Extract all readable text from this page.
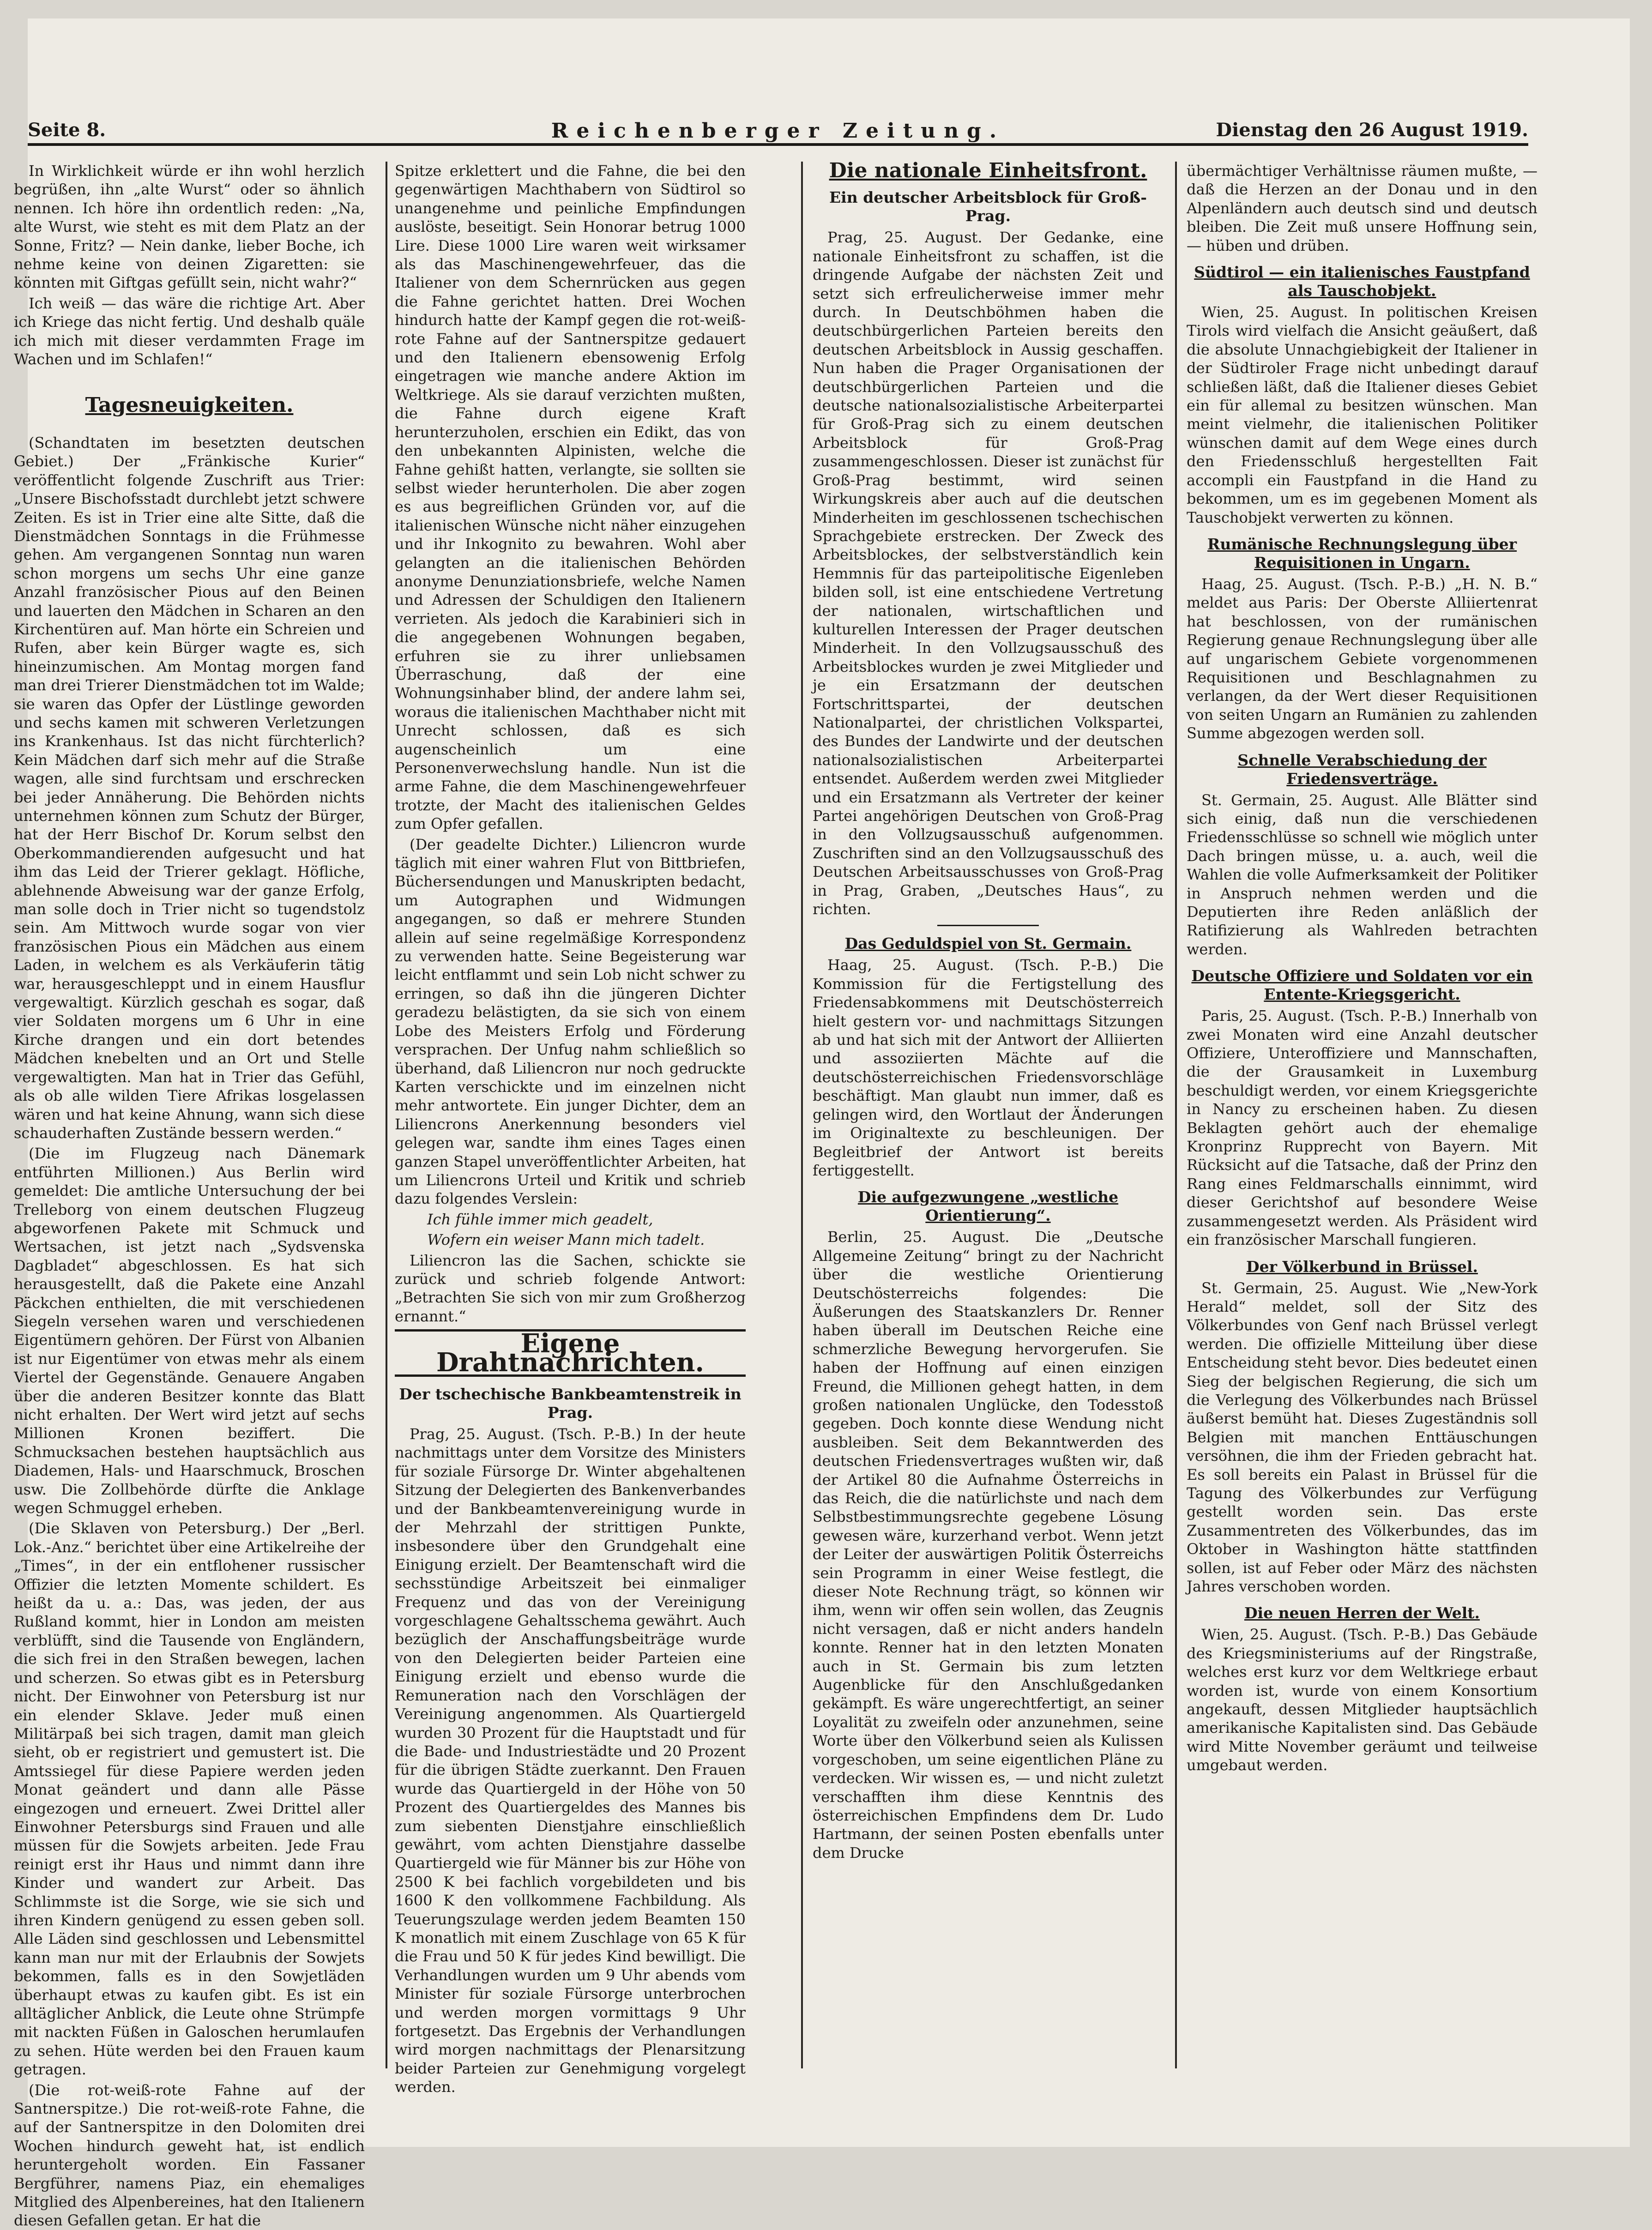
Seite 8.	Reichenberger Zeitung.	Dienstag den 26 August 1919.

In Wirklichkeit würde er ihn wohl herzlich begrüßen, ihn „alte Wurst“ oder so ähnlich nennen. Ich höre ihn ordentlich reden: „Na, alte Wurst, wie steht es mit dem Platz an der Sonne, Fritz? — Nein danke, lieber Boche, ich nehme keine von deinen Zigaretten: sie könnten mit Giftgas gefüllt sein, nicht wahr?“

Ich weiß — das wäre die richtige Art. Aber ich Kriege das nicht fertig. Und deshalb quäle ich mich mit dieser verdammten Frage im Wachen und im Schlafen!“

Tagesneuigkeiten.

(Schandtaten im besetzten deutschen Gebiet.) Der „Fränkische Kurier“ veröffentlicht folgende Zuschrift aus Trier: „Unsere Bischofsstadt durchlebt jetzt schwere Zeiten. Es ist in Trier eine alte Sitte, daß die Dienstmädchen Sonntags in die Frühmesse gehen. Am vergangenen Sonntag nun waren schon morgens um sechs Uhr eine ganze Anzahl französischer Pious auf den Beinen und lauerten den Mädchen in Scharen an den Kirchentüren auf. Man hörte ein Schreien und Rufen, aber kein Bürger wagte es, sich hineinzumischen. Am Montag morgen fand man drei Trierer Dienstmädchen tot im Walde; sie waren das Opfer der Lüstlinge geworden und sechs kamen mit schweren Verletzungen ins Krankenhaus. Ist das nicht fürchterlich? Kein Mädchen darf sich mehr auf die Straße wagen, alle sind furchtsam und erschrecken bei jeder Annäherung. Die Behörden nichts unternehmen können zum Schutz der Bürger, hat der Herr Bischof Dr. Korum selbst den Oberkommandierenden aufgesucht und hat ihm das Leid der Trierer geklagt. Höfliche, ablehnende Abweisung war der ganze Erfolg, man solle doch in Trier nicht so tugendstolz sein. Am Mittwoch wurde sogar von vier französischen Pious ein Mädchen aus einem Laden, in welchem es als Verkäuferin tätig war, herausgeschleppt und in einem Hausflur vergewaltigt. Kürzlich geschah es sogar, daß vier Soldaten morgens um 6 Uhr in eine Kirche drangen und ein dort betendes Mädchen knebelten und an Ort und Stelle vergewaltigten. Man hat in Trier das Gefühl, als ob alle wilden Tiere Afrikas losgelassen wären und hat keine Ahnung, wann sich diese schauderhaften Zustände bessern werden.“

(Die im Flugzeug nach Dänemark entführten Millionen.) Aus Berlin wird gemeldet: Die amtliche Untersuchung der bei Trelleborg von einem deutschen Flugzeug abgeworfenen Pakete mit Schmuck und Wertsachen, ist jetzt nach „Sydsvenska Dagbladet“ abgeschlossen. Es hat sich herausgestellt, daß die Pakete eine Anzahl Päckchen enthielten, die mit verschiedenen Siegeln versehen waren und verschiedenen Eigentümern gehören. Der Fürst von Albanien ist nur Eigentümer von etwas mehr als einem Viertel der Gegenstände. Genauere Angaben über die anderen Besitzer konnte das Blatt nicht erhalten. Der Wert wird jetzt auf sechs Millionen Kronen beziffert. Die Schmucksachen bestehen hauptsächlich aus Diademen, Hals- und Haarschmuck, Broschen usw. Die Zollbehörde dürfte die Anklage wegen Schmuggel erheben.

(Die Sklaven von Petersburg.) Der „Berl. Lok.-Anz.“ berichtet über eine Artikelreihe der „Times“, in der ein entflohener russischer Offizier die letzten Momente schildert. Es heißt da u. a.: Das, was jeden, der aus Rußland kommt, hier in London am meisten verblüfft, sind die Tausende von Engländern, die sich frei in den Straßen bewegen, lachen und scherzen. So etwas gibt es in Petersburg nicht. Der Einwohner von Petersburg ist nur ein elender Sklave. Jeder muß einen Militärpaß bei sich tragen, damit man gleich sieht, ob er registriert und gemustert ist. Die Amtssiegel für diese Papiere werden jeden Monat geändert und dann alle Pässe eingezogen und erneuert. Zwei Drittel aller Einwohner Petersburgs sind Frauen und alle müssen für die Sowjets arbeiten. Jede Frau reinigt erst ihr Haus und nimmt dann ihre Kinder und wandert zur Arbeit. Das Schlimmste ist die Sorge, wie sie sich und ihren Kindern genügend zu essen geben soll. Alle Läden sind geschlossen und Lebensmittel kann man nur mit der Erlaubnis der Sowjets bekommen, falls es in den Sowjetläden überhaupt etwas zu kaufen gibt. Es ist ein alltäglicher Anblick, die Leute ohne Strümpfe mit nackten Füßen in Galoschen herumlaufen zu sehen. Hüte werden bei den Frauen kaum getragen.

(Die rot-weiß-rote Fahne auf der Santnerspitze.) Die rot-weiß-rote Fahne, die auf der Santnerspitze in den Dolomiten drei Wochen hindurch geweht hat, ist endlich heruntergeholt worden. Ein Fassaner Bergführer, namens Piaz, ein ehemaliges Mitglied des Alpenbereines, hat den Italienern diesen Gefallen getan. Er hat die

Spitze erklettert und die Fahne, die bei den gegenwärtigen Machthabern von Südtirol so unangenehme und peinliche Empfindungen auslöste, beseitigt. Sein Honorar betrug 1000 Lire. Diese 1000 Lire waren weit wirksamer als das Maschinengewehrfeuer, das die Italiener von dem Schernrücken aus gegen die Fahne gerichtet hatten. Drei Wochen hindurch hatte der Kampf gegen die rot-weiß-rote Fahne auf der Santnerspitze gedauert und den Italienern ebensowenig Erfolg eingetragen wie manche andere Aktion im Weltkriege. Als sie darauf verzichten mußten, die Fahne durch eigene Kraft herunterzuholen, erschien ein Edikt, das von den unbekannten Alpinisten, welche die Fahne gehißt hatten, verlangte, sie sollten sie selbst wieder herunterholen. Die aber zogen es aus begreiflichen Gründen vor, auf die italienischen Wünsche nicht näher einzugehen und ihr Inkognito zu bewahren. Wohl aber gelangten an die italienischen Behörden anonyme Denunziationsbriefe, welche Namen und Adressen der Schuldigen den Italienern verrieten. Als jedoch die Karabinieri sich in die angegebenen Wohnungen begaben, erfuhren sie zu ihrer unliebsamen Überraschung, daß der eine Wohnungsinhaber blind, der andere lahm sei, woraus die italienischen Machthaber nicht mit Unrecht schlossen, daß es sich augenscheinlich um eine Personenverwechslung handle. Nun ist die arme Fahne, die dem Maschinengewehrfeuer trotzte, der Macht des italienischen Geldes zum Opfer gefallen.

(Der geadelte Dichter.) Liliencron wurde täglich mit einer wahren Flut von Bittbriefen, Büchersendungen und Manuskripten bedacht, um Autographen und Widmungen angegangen, so daß er mehrere Stunden allein auf seine regelmäßige Korrespondenz zu verwenden hatte. Seine Begeisterung war leicht entflammt und sein Lob nicht schwer zu erringen, so daß ihn die jüngeren Dichter geradezu belästigten, da sie sich von einem Lobe des Meisters Erfolg und Förderung versprachen. Der Unfug nahm schließlich so überhand, daß Liliencron nur noch gedruckte Karten verschickte und im einzelnen nicht mehr antwortete. Ein junger Dichter, dem an Liliencrons Anerkennung besonders viel gelegen war, sandte ihm eines Tages einen ganzen Stapel unveröffentlichter Arbeiten, hat um Liliencrons Urteil und Kritik und schrieb dazu folgendes Verslein:

Ich fühle immer mich geadelt,

Wofern ein weiser Mann mich tadelt.

Liliencron las die Sachen, schickte sie zurück und schrieb folgende Antwort: „Betrachten Sie sich von mir zum Großherzog ernannt.“

Eigene Drahtnachrichten.
Der tschechische Bankbeamtenstreik in Prag.

Prag, 25. August. (Tsch. P.-B.) In der heute nachmittags unter dem Vorsitze des Ministers für soziale Fürsorge Dr. Winter abgehaltenen Sitzung der Delegierten des Bankenverbandes und der Bankbeamtenvereinigung wurde in der Mehrzahl der strittigen Punkte, insbesondere über den Grundgehalt eine Einigung erzielt. Der Beamtenschaft wird die sechsstündige Arbeitszeit bei einmaliger Frequenz und das von der Vereinigung vorgeschlagene Gehaltsschema gewährt. Auch bezüglich der Anschaffungsbeiträge wurde von den Delegierten beider Parteien eine Einigung erzielt und ebenso wurde die Remuneration nach den Vorschlägen der Vereinigung angenommen. Als Quartiergeld wurden 30 Prozent für die Hauptstadt und für die Bade- und Industriestädte und 20 Prozent für die übrigen Städte zuerkannt. Den Frauen wurde das Quartiergeld in der Höhe von 50 Prozent des Quartiergeldes des Mannes bis zum siebenten Dienstjahre einschließlich gewährt, vom achten Dienstjahre dasselbe Quartiergeld wie für Männer bis zur Höhe von 2500 K bei fachlich vorgebildeten und bis 1600 K den vollkommene Fachbildung. Als Teuerungszulage werden jedem Beamten 150 K monatlich mit einem Zuschlage von 65 K für die Frau und 50 K für jedes Kind bewilligt. Die Verhandlungen wurden um 9 Uhr abends vom Minister für soziale Fürsorge unterbrochen und werden morgen vormittags 9 Uhr fortgesetzt. Das Ergebnis der Verhandlungen wird morgen nachmittags der Plenarsitzung beider Parteien zur Genehmigung vorgelegt werden.

Die nationale Einheitsfront.

Ein deutscher Arbeitsblock für Groß-Prag.

Prag, 25. August. Der Gedanke, eine nationale Einheitsfront zu schaffen, ist die dringende Aufgabe der nächsten Zeit und setzt sich erfreulicherweise immer mehr durch. In Deutschböhmen haben die deutschbürgerlichen Parteien bereits den deutschen Arbeitsblock in Aussig geschaffen. Nun haben die Prager Organisationen der deutschbürgerlichen Parteien und die deutsche nationalsozialistische Arbeiterpartei für Groß-Prag sich zu einem deutschen Arbeitsblock für Groß-Prag zusammengeschlossen. Dieser ist zunächst für Groß-Prag bestimmt, wird seinen Wirkungskreis aber auch auf die deutschen Minderheiten im geschlossenen tschechischen Sprachgebiete erstrecken. Der Zweck des Arbeitsblockes, der selbstverständlich kein Hemmnis für das parteipolitische Eigenleben bilden soll, ist eine entschiedene Vertretung der nationalen, wirtschaftlichen und kulturellen Interessen der Prager deutschen Minderheit. In den Vollzugsausschuß des Arbeitsblockes wurden je zwei Mitglieder und je ein Ersatzmann der deutschen Fortschrittspartei, der deutschen Nationalpartei, der christlichen Volkspartei, des Bundes der Landwirte und der deutschen nationalsozialistischen Arbeiterpartei entsendet. Außerdem werden zwei Mitglieder und ein Ersatzmann als Vertreter der keiner Partei angehörigen Deutschen von Groß-Prag in den Vollzugsausschuß aufgenommen. Zuschriften sind an den Vollzugsausschuß des Deutschen Arbeitsausschusses von Groß-Prag in Prag, Graben, „Deutsches Haus“, zu richten.

Das Geduldspiel von St. Germain.

Haag, 25. August. (Tsch. P.-B.) Die Kommission für die Fertigstellung des Friedensabkommens mit Deutschösterreich hielt gestern vor- und nachmittags Sitzungen ab und hat sich mit der Antwort der Alliierten und assoziierten Mächte auf die deutschösterreichischen Friedensvorschläge beschäftigt. Man glaubt nun immer, daß es gelingen wird, den Wortlaut der Änderungen im Originaltexte zu beschleunigen. Der Begleitbrief der Antwort ist bereits fertiggestellt.

Die aufgezwungene „westliche Orientierung“.

Berlin, 25. August. Die „Deutsche Allgemeine Zeitung“ bringt zu der Nachricht über die westliche Orientierung Deutschösterreichs folgendes: Die Äußerungen des Staatskanzlers Dr. Renner haben überall im Deutschen Reiche eine schmerzliche Bewegung hervorgerufen. Sie haben der Hoffnung auf einen einzigen Freund, die Millionen gehegt hatten, in dem großen nationalen Unglücke, den Todesstoß gegeben. Doch konnte diese Wendung nicht ausbleiben. Seit dem Bekanntwerden des deutschen Friedensvertrages wußten wir, daß der Artikel 80 die Aufnahme Österreichs in das Reich, die die natürlichste und nach dem Selbstbestimmungsrechte gegebene Lösung gewesen wäre, kurzerhand verbot. Wenn jetzt der Leiter der auswärtigen Politik Österreichs sein Programm in einer Weise festlegt, die dieser Note Rechnung trägt, so können wir ihm, wenn wir offen sein wollen, das Zeugnis nicht versagen, daß er nicht anders handeln konnte. Renner hat in den letzten Monaten auch in St. Germain bis zum letzten Augenblicke für den Anschlußgedanken gekämpft. Es wäre ungerechtfertigt, an seiner Loyalität zu zweifeln oder anzunehmen, seine Worte über den Völkerbund seien als Kulissen vorgeschoben, um seine eigentlichen Pläne zu verdecken. Wir wissen es, — und nicht zuletzt verschafften ihm diese Kenntnis des österreichischen Empfindens dem Dr. Ludo Hartmann, der seinen Posten ebenfalls unter dem Drucke

übermächtiger Verhältnisse räumen mußte, — daß die Herzen an der Donau und in den Alpenländern auch deutsch sind und deutsch bleiben. Die Zeit muß unsere Hoffnung sein, — hüben und drüben.

Südtirol — ein italienisches Faustpfand als Tauschobjekt.

Wien, 25. August. In politischen Kreisen Tirols wird vielfach die Ansicht geäußert, daß die absolute Unnachgiebigkeit der Italiener in der Südtiroler Frage nicht unbedingt darauf schließen läßt, daß die Italiener dieses Gebiet ein für allemal zu besitzen wünschen. Man meint vielmehr, die italienischen Politiker wünschen damit auf dem Wege eines durch den Friedensschluß hergestellten Fait accompli ein Faustpfand in die Hand zu bekommen, um es im gegebenen Moment als Tauschobjekt verwerten zu können.

Rumänische Rechnungslegung über Requisitionen in Ungarn.

Haag, 25. August. (Tsch. P.-B.) „H. N. B.“ meldet aus Paris: Der Oberste Alliiertenrat hat beschlossen, von der rumänischen Regierung genaue Rechnungslegung über alle auf ungarischem Gebiete vorgenommenen Requisitionen und Beschlagnahmen zu verlangen, da der Wert dieser Requisitionen von seiten Ungarn an Rumänien zu zahlenden Summe abgezogen werden soll.

Schnelle Verabschiedung der Friedensverträge.

St. Germain, 25. August. Alle Blätter sind sich einig, daß nun die verschiedenen Friedensschlüsse so schnell wie möglich unter Dach bringen müsse, u. a. auch, weil die Wahlen die volle Aufmerksamkeit der Politiker in Anspruch nehmen werden und die Deputierten ihre Reden anläßlich der Ratifizierung als Wahlreden betrachten werden.

Deutsche Offiziere und Soldaten vor ein Entente-Kriegsgericht.

Paris, 25. August. (Tsch. P.-B.) Innerhalb von zwei Monaten wird eine Anzahl deutscher Offiziere, Unteroffiziere und Mannschaften, die der Grausamkeit in Luxemburg beschuldigt werden, vor einem Kriegsgerichte in Nancy zu erscheinen haben. Zu diesen Beklagten gehört auch der ehemalige Kronprinz Rupprecht von Bayern. Mit Rücksicht auf die Tatsache, daß der Prinz den Rang eines Feldmarschalls einnimmt, wird dieser Gerichtshof auf besondere Weise zusammengesetzt werden. Als Präsident wird ein französischer Marschall fungieren.

Der Völkerbund in Brüssel.

St. Germain, 25. August. Wie „New-York Herald“ meldet, soll der Sitz des Völkerbundes von Genf nach Brüssel verlegt werden. Die offizielle Mitteilung über diese Entscheidung steht bevor. Dies bedeutet einen Sieg der belgischen Regierung, die sich um die Verlegung des Völkerbundes nach Brüssel äußerst bemüht hat. Dieses Zugeständnis soll Belgien mit manchen Enttäuschungen versöhnen, die ihm der Frieden gebracht hat. Es soll bereits ein Palast in Brüssel für die Tagung des Völkerbundes zur Verfügung gestellt worden sein. Das erste Zusammentreten des Völkerbundes, das im Oktober in Washington hätte stattfinden sollen, ist auf Feber oder März des nächsten Jahres verschoben worden.

Die neuen Herren der Welt.

Wien, 25. August. (Tsch. P.-B.) Das Gebäude des Kriegsministeriums auf der Ringstraße, welches erst kurz vor dem Weltkriege erbaut worden ist, wurde von einem Konsortium angekauft, dessen Mitglieder hauptsächlich amerikanische Kapitalisten sind. Das Gebäude wird Mitte November geräumt und teilweise umgebaut werden.
